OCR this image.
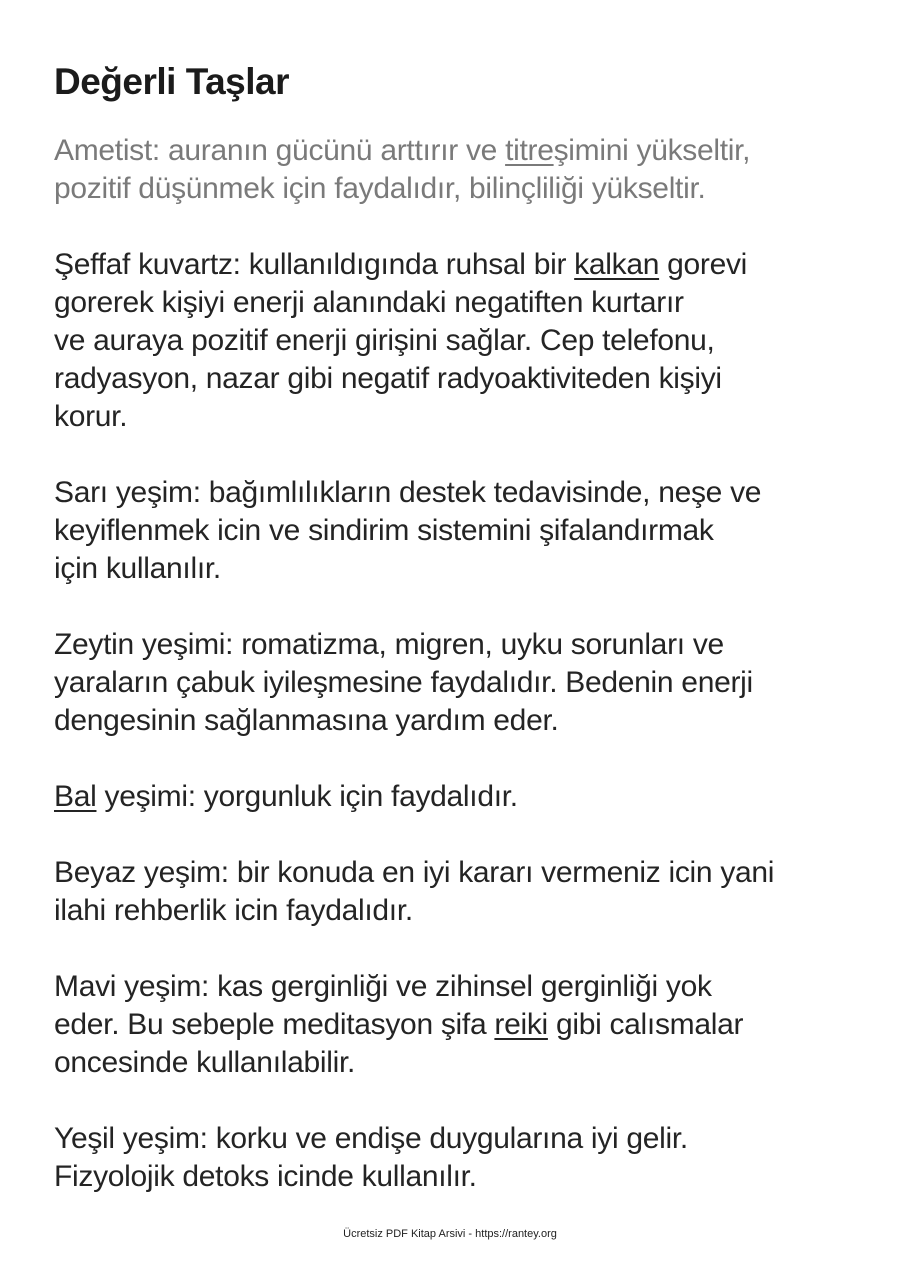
Değerli Taşlar

Ametist: auranın gücünü arttırır ve titreşimini yükseltir,
pozitif düşünmek için faydalıdır, bilinçliliği yükseltir.

Şeffaf kuvartz: kullanıldıgında ruhsal bir kalkan gorevi
gorerek kişiyi enerji alanındaki negatiften kurtarır
ve auraya pozitif enerji girişini sağlar. Cep telefonu,
radyasyon, nazar gibi negatif radyoaktiviteden kişiyi
korur.

Sarı yeşim: bağımlılıkların destek tedavisinde, neşe ve
keyiflenmek icin ve sindirim sistemini şifalandırmak
için kullanılır.

Zeytin yeşimi: romatizma, migren, uyku sorunları ve
yaraların çabuk iyileşmesine faydalıdır. Bedenin enerji
dengesinin sağlanmasına yardım eder.

Bal yeşimi: yorgunluk için faydalıdır.

Beyaz yeşim: bir konuda en iyi kararı vermeniz icin yani
ilahi rehberlik icin faydalıdır.

Mavi yeşim: kas gerginliği ve zihinsel gerginliği yok
eder. Bu sebeple meditasyon şifa reiki gibi calısmalar
oncesinde kullanılabilir.

Yeşil yeşim: korku ve endişe duygularına iyi gelir.
Fizyolojik detoks icinde kullanılır.

Ücretsiz PDF Kitap Arsivi - https://rantey.org
